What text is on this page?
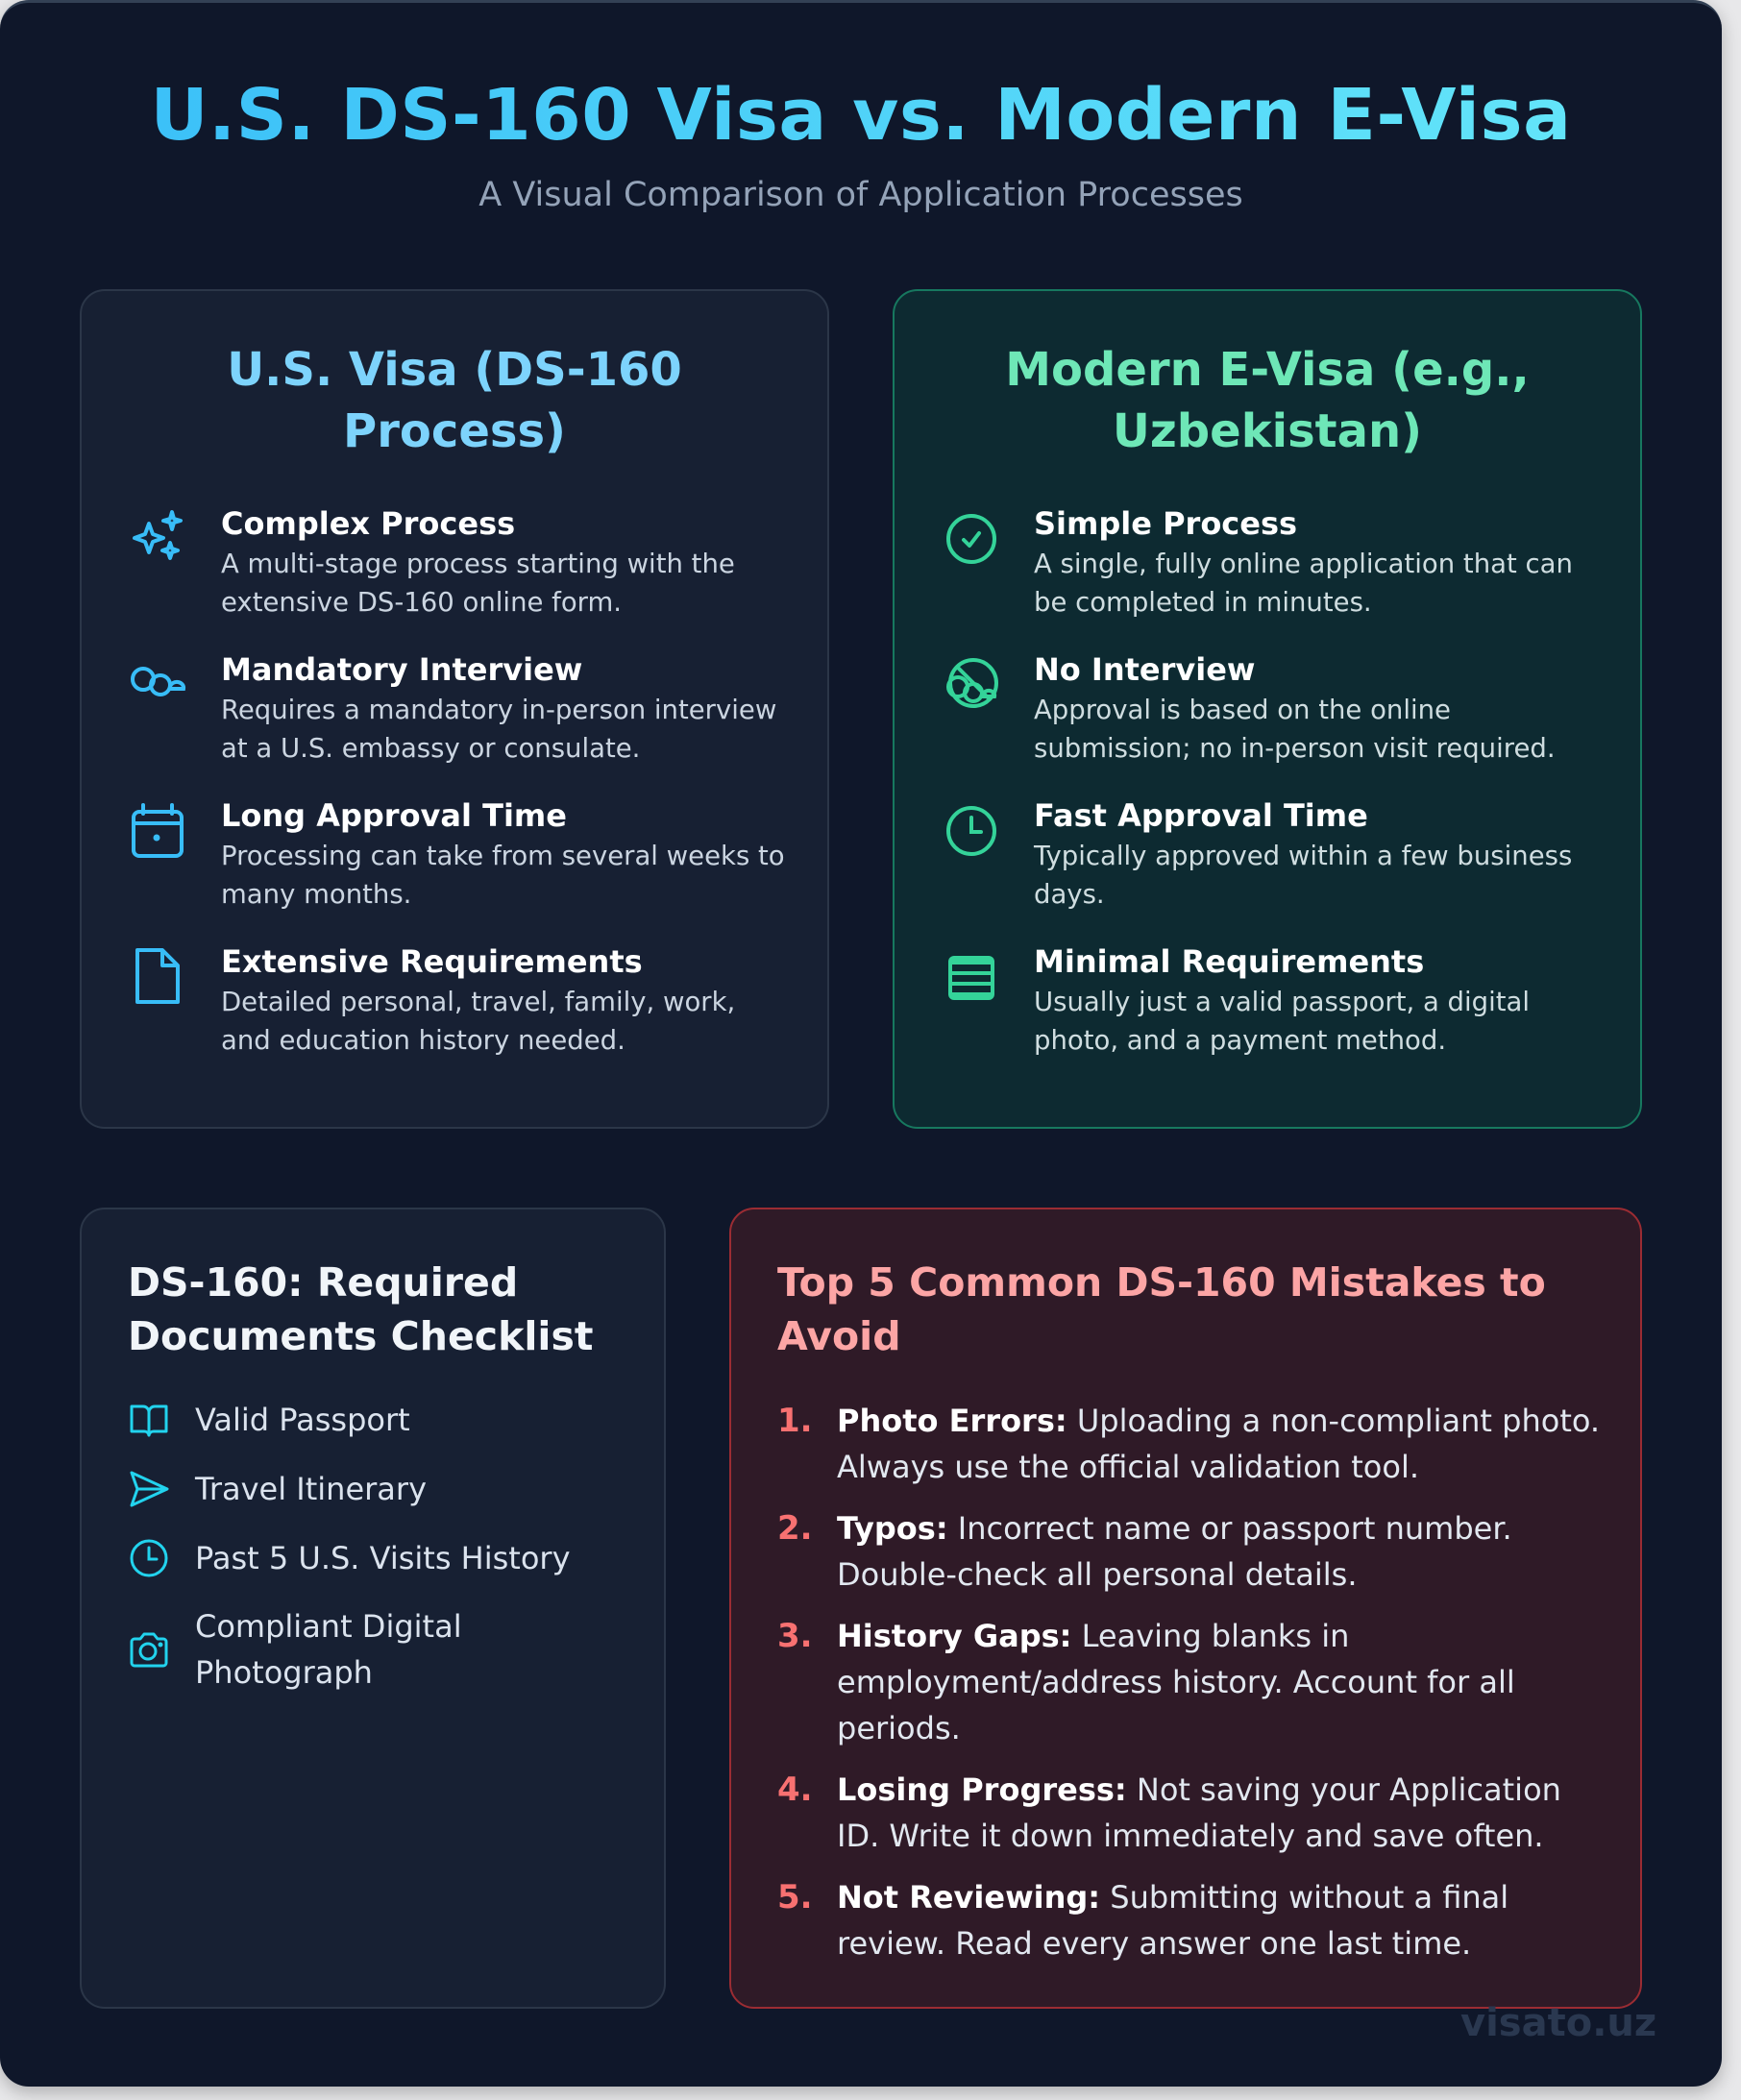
U.S. DS-160 Visa vs. Modern E-Visa
A Visual Comparison of Application Processes
U.S. Visa (DS-160 Process)
Complex Process
A multi-stage process starting with the extensive DS-160 online form.
Mandatory Interview
Requires a mandatory in-person interview at a U.S. embassy or consulate.
Long Approval Time
Processing can take from several weeks to many months.
Extensive Requirements
Detailed personal, travel, family, work, and education history needed.
Modern E-Visa (e.g., Uzbekistan)
Simple Process
A single, fully online application that can be completed in minutes.
No Interview
Approval is based on the online submission; no in-person visit required.
Fast Approval Time
Typically approved within a few business days.
Minimal Requirements
Usually just a valid passport, a digital photo, and a payment method.
DS-160: Required Documents Checklist
Valid Passport
Travel Itinerary
Past 5 U.S. Visits History
Compliant Digital Photograph
Top 5 Common DS-160 Mistakes to Avoid
1. Photo Errors: Uploading a non-compliant photo. Always use the official validation tool.
2. Typos: Incorrect name or passport number. Double-check all personal details.
3. History Gaps: Leaving blanks in employment/address history. Account for all periods.
4. Losing Progress: Not saving your Application ID. Write it down immediately and save often.
5. Not Reviewing: Submitting without a final review. Read every answer one last time.
visato.uz
